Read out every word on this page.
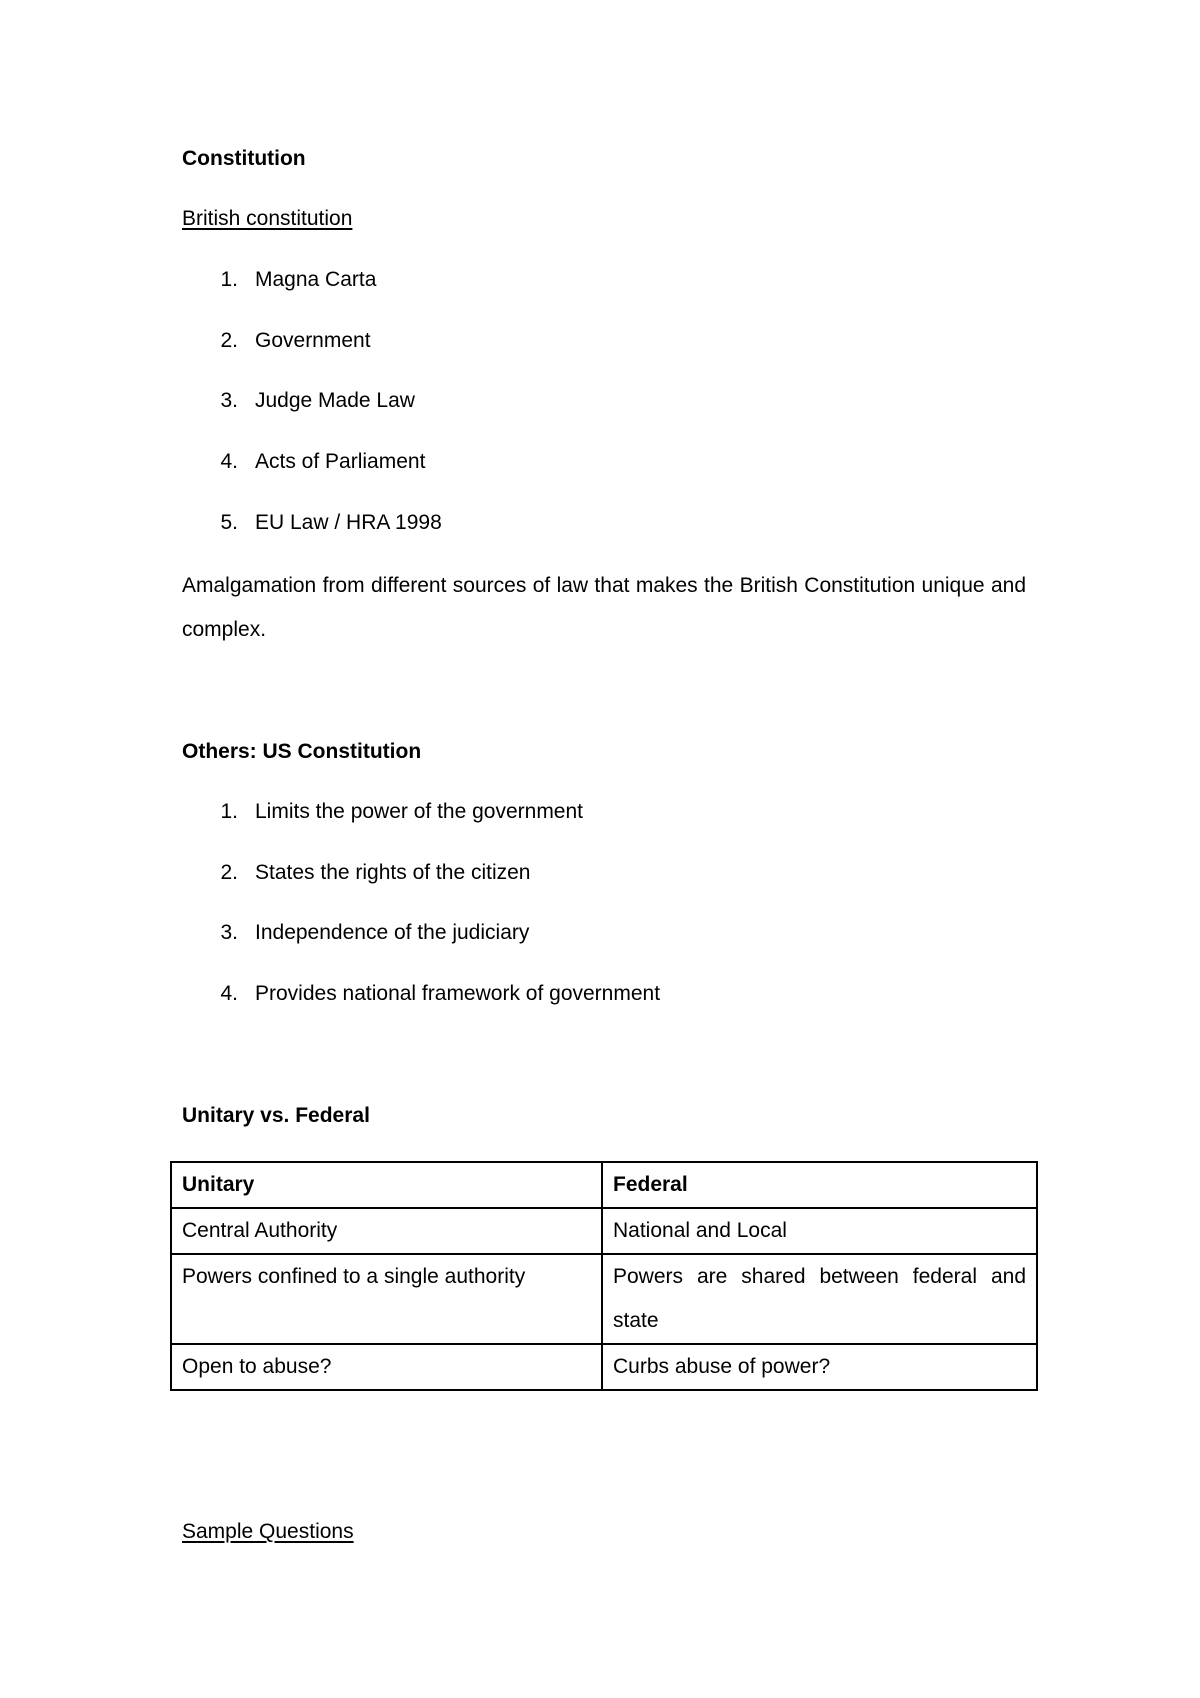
Constitution
British constitution
1. Magna Carta
2. Government
3. Judge Made Law
4. Acts of Parliament
5. EU Law / HRA 1998
Amalgamation from different sources of law that makes the British Constitution unique and complex.
Others: US Constitution
1. Limits the power of the government
2. States the rights of the citizen
3. Independence of the judiciary
4. Provides national framework of government
Unitary vs. Federal
Unitary	Federal
Central Authority	National and Local
Powers confined to a single authority	Powers are shared between federal and state
Open to abuse?	Curbs abuse of power?
Sample Questions
